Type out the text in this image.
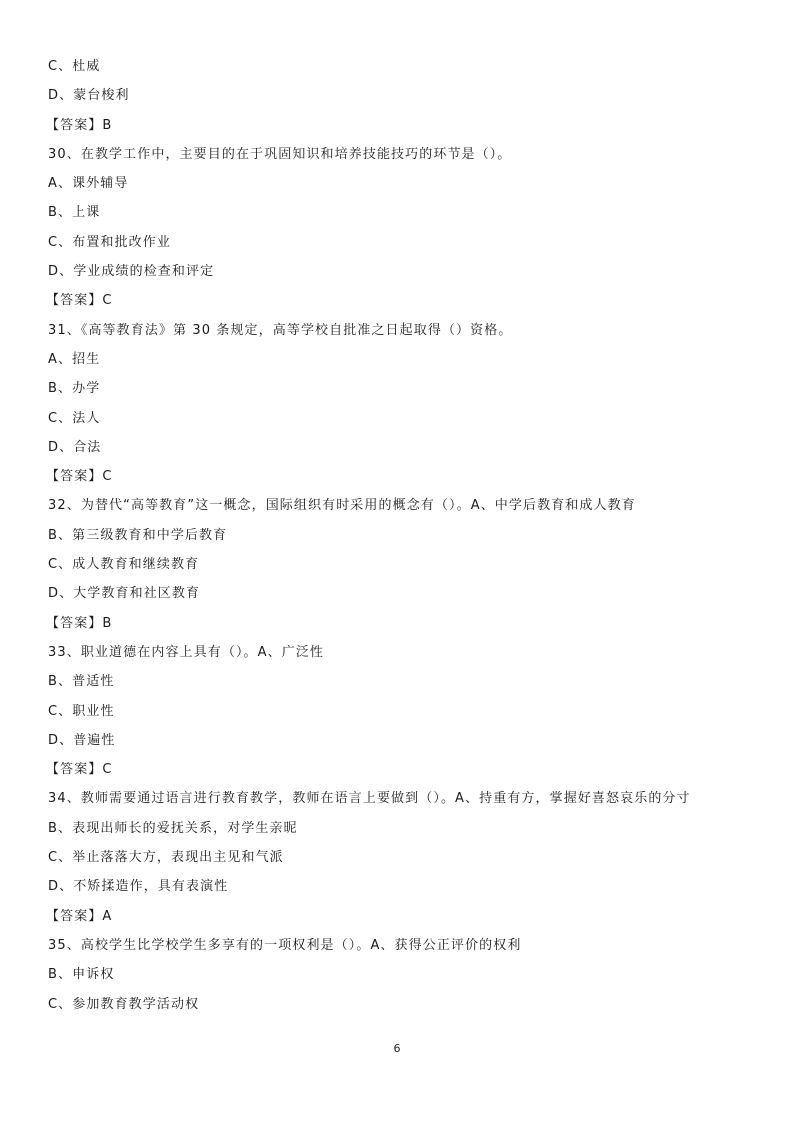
C、杜威
D、蒙台梭利
【答案】B
30、在教学工作中，主要目的在于巩固知识和培养技能技巧的环节是（）。
A、课外辅导
B、上课
C、布置和批改作业
D、学业成绩的检查和评定
【答案】C
31、《高等教育法》第 30 条规定，高等学校自批准之日起取得（）资格。
A、招生
B、办学
C、法人
D、合法
【答案】C
32、为替代“高等教育”这一概念，国际组织有时采用的概念有（）。A、中学后教育和成人教育
B、第三级教育和中学后教育
C、成人教育和继续教育
D、大学教育和社区教育
【答案】B
33、职业道德在内容上具有（）。A、广泛性
B、普适性
C、职业性
D、普遍性
【答案】C
34、教师需要通过语言进行教育教学，教师在语言上要做到（）。A、持重有方，掌握好喜怒哀乐的分寸
B、表现出师长的爱抚关系，对学生亲昵
C、举止落落大方，表现出主见和气派
D、不矫揉造作，具有表演性
【答案】A
35、高校学生比学校学生多享有的一项权利是（）。A、获得公正评价的权利
B、申诉权
C、参加教育教学活动权
6
